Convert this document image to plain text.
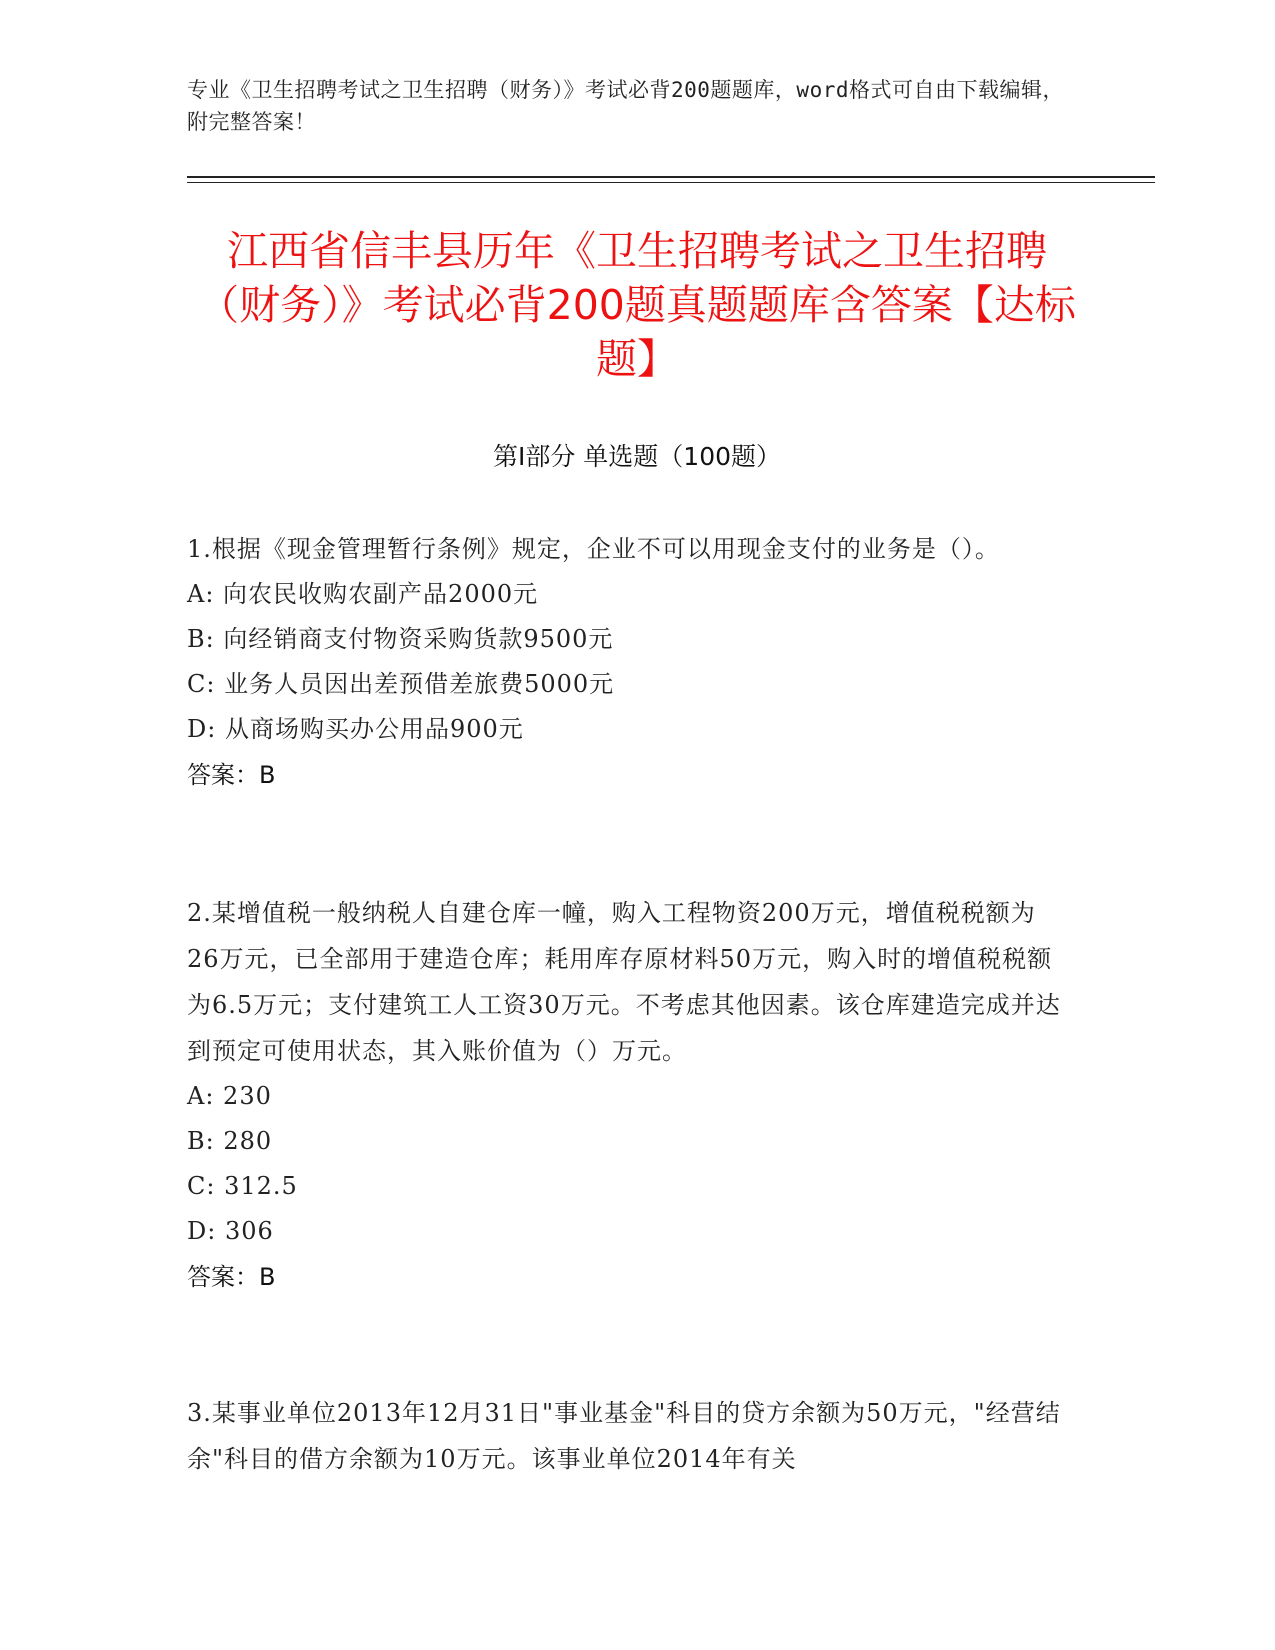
专业《卫生招聘考试之卫生招聘（财务）》考试必背200题题库，word格式可自由下载编辑，附完整答案！
江西省信丰县历年《卫生招聘考试之卫生招聘（财务）》考试必背200题真题题库含答案【达标题】
第I部分 单选题（100题）
1.根据《现金管理暂行条例》规定，企业不可以用现金支付的业务是（）。
A: 向农民收购农副产品2000元
B: 向经销商支付物资采购货款9500元
C: 业务人员因出差预借差旅费5000元
D: 从商场购买办公用品900元
答案：B
2.某增值税一般纳税人自建仓库一幢，购入工程物资200万元，增值税税额为26万元，已全部用于建造仓库；耗用库存原材料50万元，购入时的增值税税额为6.5万元；支付建筑工人工资30万元。不考虑其他因素。该仓库建造完成并达到预定可使用状态，其入账价值为（）万元。
A: 230
B: 280
C: 312.5
D: 306
答案：B
3.某事业单位2013年12月31日"事业基金"科目的贷方余额为50万元，"经营结余"科目的借方余额为10万元。该事业单位2014年有关
